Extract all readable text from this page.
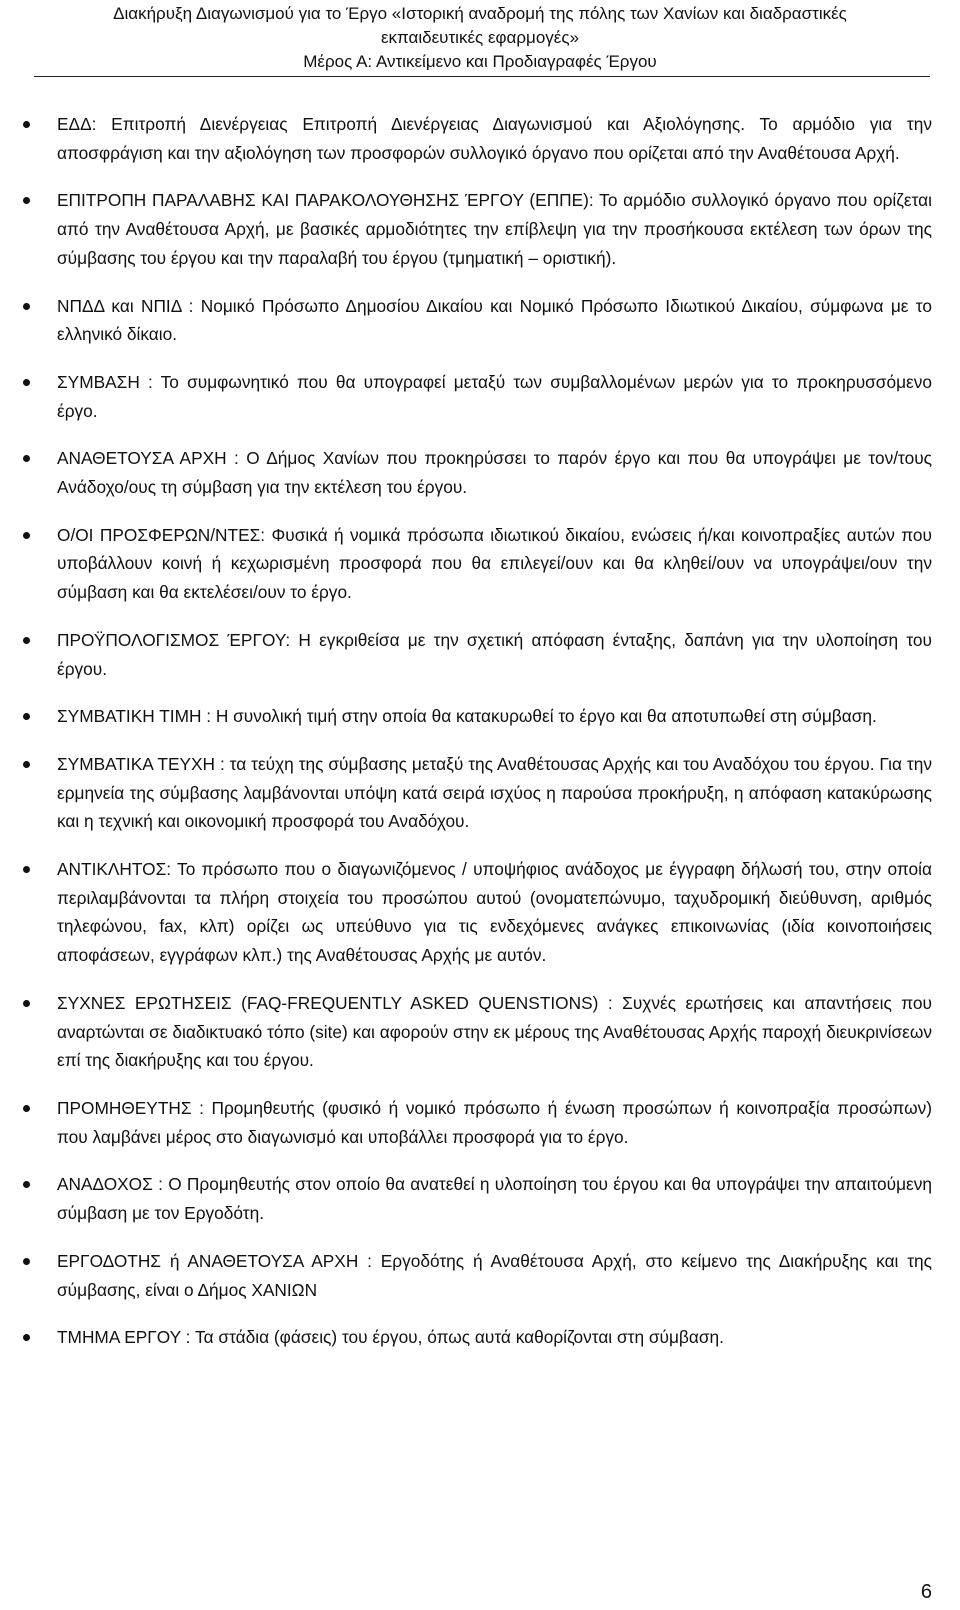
Διακήρυξη Διαγωνισμού για το Έργο «Ιστορική αναδρομή της πόλης των Χανίων και διαδραστικές
εκπαιδευτικές εφαρμογές»
Μέρος Α: Αντικείμενο και Προδιαγραφές Έργου
ΕΔΔ: Επιτροπή Διενέργειας Επιτροπή Διενέργειας Διαγωνισμού και Αξιολόγησης. Το αρμόδιο για την αποσφράγιση και την αξιολόγηση των προσφορών συλλογικό όργανο που ορίζεται από την Αναθέτουσα Αρχή.
ΕΠΙΤΡΟΠΗ ΠΑΡΑΛΑΒΗΣ ΚΑΙ ΠΑΡΑΚΟΛΟΥΘΗΣΗΣ ΈΡΓΟΥ (ΕΠΠΕ): Το αρμόδιο συλλογικό όργανο που ορίζεται από την Αναθέτουσα Αρχή, με βασικές αρμοδιότητες την επίβλεψη για την προσήκουσα εκτέλεση των όρων της σύμβασης του έργου και την παραλαβή του έργου (τμηματική – οριστική).
ΝΠΔΔ και ΝΠΙΔ : Νομικό Πρόσωπο Δημοσίου Δικαίου και Νομικό Πρόσωπο Ιδιωτικού Δικαίου, σύμφωνα με το ελληνικό δίκαιο.
ΣΥΜΒΑΣΗ : Το συμφωνητικό που θα υπογραφεί μεταξύ των συμβαλλομένων μερών για το προκηρυσσόμενο έργο.
ΑΝΑΘΕΤΟΥΣΑ ΑΡΧΗ : Ο Δήμος Χανίων που προκηρύσσει το παρόν έργο και που θα υπογράψει με τον/τους Ανάδοχο/ους τη σύμβαση για την εκτέλεση του έργου.
Ο/ΟΙ ΠΡΟΣΦΕΡΩΝ/ΝΤΕΣ: Φυσικά ή νομικά πρόσωπα ιδιωτικού δικαίου, ενώσεις ή/και κοινοπραξίες αυτών που υποβάλλουν κοινή ή κεχωρισμένη προσφορά που θα επιλεγεί/ουν και θα κληθεί/ουν να υπογράψει/ουν την σύμβαση και θα εκτελέσει/ουν το έργο.
ΠΡΟΫΠΟΛΟΓΙΣΜΟΣ ΈΡΓΟΥ: Η εγκριθείσα με την σχετική απόφαση ένταξης, δαπάνη για την υλοποίηση του έργου.
ΣΥΜΒΑΤΙΚΗ ΤΙΜΗ : Η συνολική τιμή στην οποία θα κατακυρωθεί το έργο και θα αποτυπωθεί στη σύμβαση.
ΣΥΜΒΑΤΙΚΑ ΤΕΥΧΗ : τα τεύχη της σύμβασης μεταξύ της Αναθέτουσας Αρχής και του Αναδόχου του έργου. Για την ερμηνεία της σύμβασης λαμβάνονται υπόψη κατά σειρά ισχύος η παρούσα προκήρυξη, η απόφαση κατακύρωσης και η τεχνική και οικονομική προσφορά του Αναδόχου.
ΑΝΤΙΚΛΗΤΟΣ: Το πρόσωπο που ο διαγωνιζόμενος / υποψήφιος ανάδοχος με έγγραφη δήλωσή του, στην οποία περιλαμβάνονται τα πλήρη στοιχεία του προσώπου αυτού (ονοματεπώνυμο, ταχυδρομική διεύθυνση, αριθμός τηλεφώνου, fax, κλπ) ορίζει ως υπεύθυνο για τις ενδεχόμενες ανάγκες επικοινωνίας (ιδία κοινοποιήσεις αποφάσεων, εγγράφων κλπ.) της Αναθέτουσας Αρχής με αυτόν.
ΣΥΧΝΕΣ ΕΡΩΤΗΣΕΙΣ (FAQ-FREQUENTLY ASKED QUENSTIONS) : Συχνές ερωτήσεις και απαντήσεις που αναρτώνται σε διαδικτυακό τόπο (site) και αφορούν στην εκ μέρους της Αναθέτουσας Αρχής παροχή διευκρινίσεων επί της διακήρυξης και του έργου.
ΠΡΟΜΗΘΕΥΤΗΣ : Προμηθευτής (φυσικό ή νομικό πρόσωπο ή ένωση προσώπων ή κοινοπραξία προσώπων) που λαμβάνει μέρος στο διαγωνισμό και υποβάλλει προσφορά για το έργο.
ΑΝΑΔΟΧΟΣ : Ο Προμηθευτής στον οποίο θα ανατεθεί η υλοποίηση του έργου και θα υπογράψει την απαιτούμενη σύμβαση με τον Εργοδότη.
ΕΡΓΟΔΟΤΗΣ ή ΑΝΑΘΕΤΟΥΣΑ ΑΡΧΗ : Εργοδότης ή Αναθέτουσα Αρχή, στο κείμενο της Διακήρυξης και της σύμβασης, είναι ο Δήμος ΧΑΝΙΩΝ
ΤΜΗΜΑ ΕΡΓΟΥ : Τα στάδια (φάσεις) του έργου, όπως αυτά καθορίζονται στη σύμβαση.
6
